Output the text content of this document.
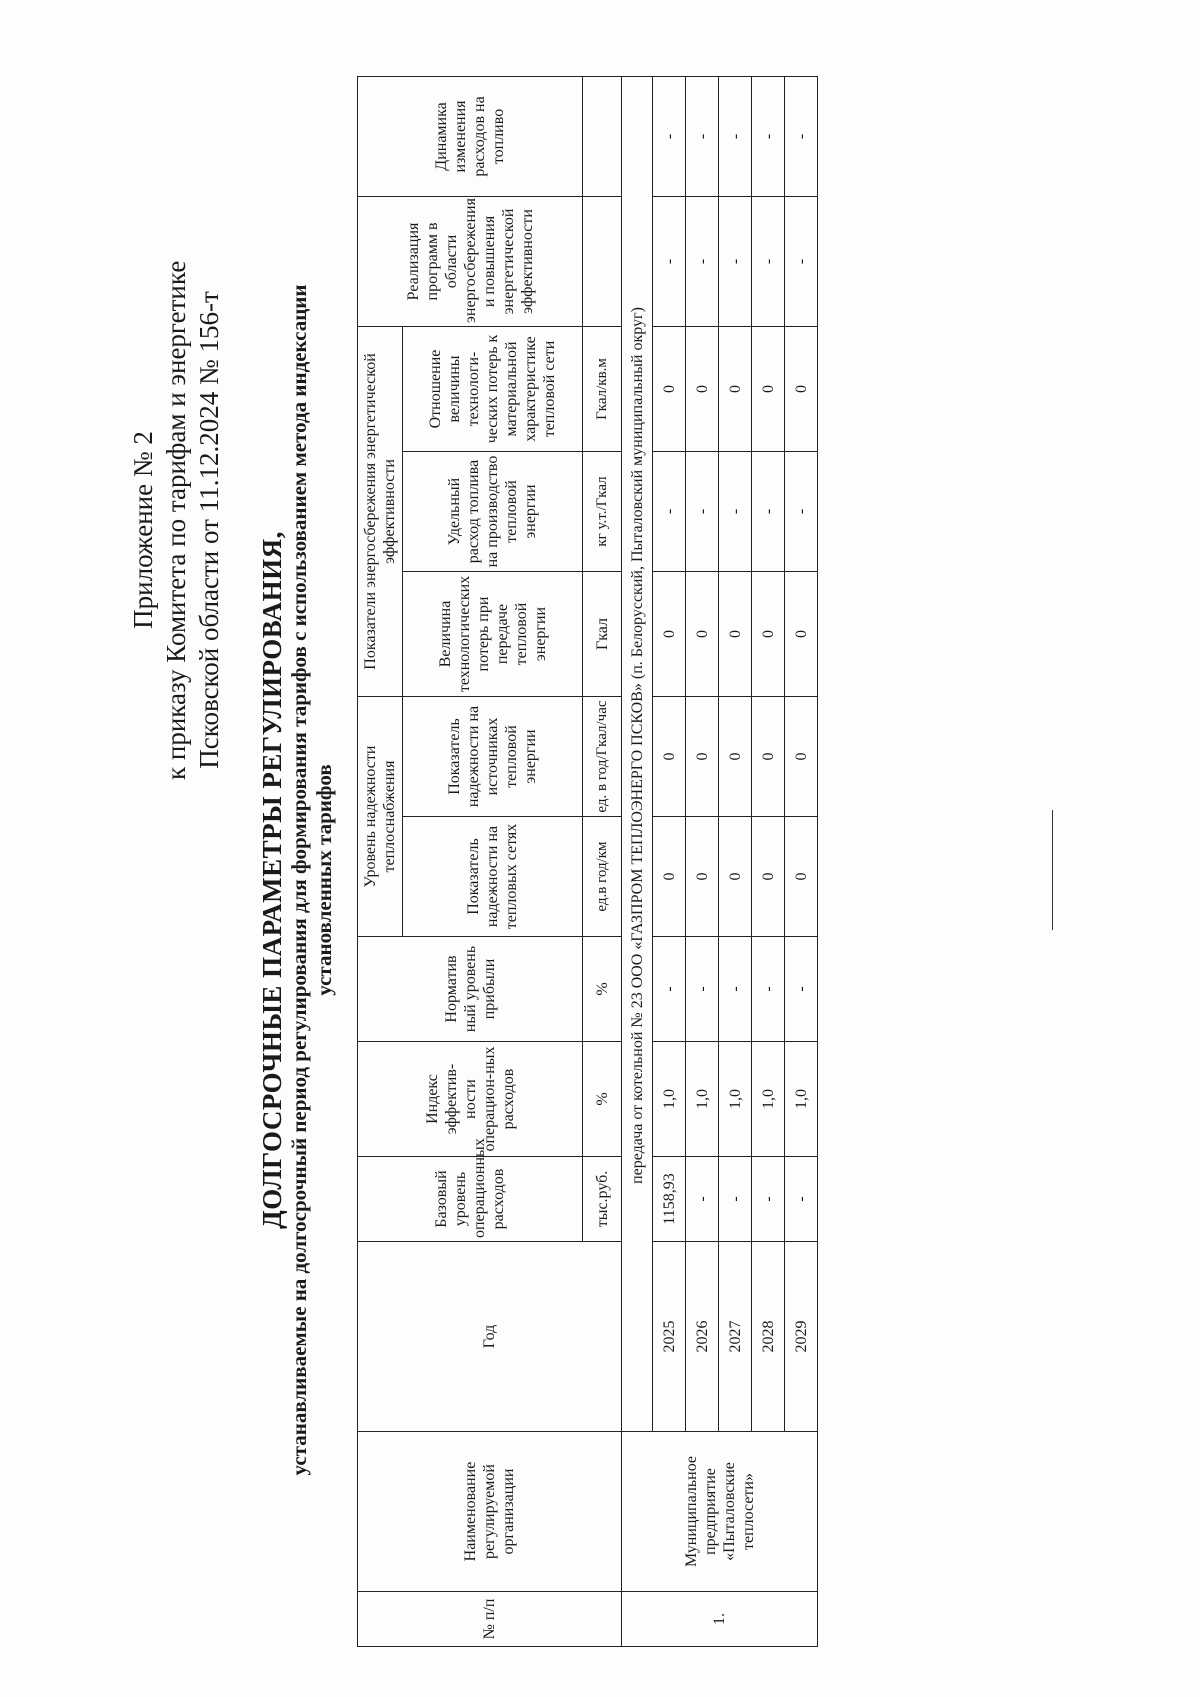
Приложение № 2 к приказу Комитета по тарифам и энергетике Псковской области от 11.12.2024 № 156-т
ДОЛГОСРОЧНЫЕ ПАРАМЕТРЫ РЕГУЛИРОВАНИЯ, устанавливаемые на долгосрочный период регулирования для формирования тарифов с использованием метода индексации установленных тарифов
№ п/п	Наименование регулируемой организации	Год	Базовый уровень операционных расходов	Индекс эффектив-ности операцион-ных расходов	Норматив ный уровень прибыли	Уровень надежности теплоснабжения		Показатели энергосбережения энергетической эффективности			Реализация программ в области энергосбережения и повышения энергетической эффективности	Динамика изменения расходов на топливо
						Показатель надежности на тепловых сетях	Показатель надежности на источниках тепловой энергии	Величина технологических потерь при передаче тепловой энергии	Удельный расход топлива на производство тепловой энергии	Отношение величины технологи-ческих потерь к материальной характеристике тепловой сети		
			тыс.руб.	%	%	ед.в год/км	ед. в год/Гкал/час	Гкал	кг у.т./Гкал	Гкал/кв.м		
1.	Муниципальное предприятие «Пыталовские теплосети»	передача от котельной № 23 ООО «ГАЗПРОМ ТЕПЛОЭНЕРГО ПСКОВ» (п. Белорусский, Пыталовский муниципальный округ)										
		2025	1158,93	1,0	-	0	0	0	-	0	-	-
		2026	-	1,0	-	0	0	0	-	0	-	-
		2027	-	1,0	-	0	0	0	-	0	-	-
		2028	-	1,0	-	0	0	0	-	0	-	-
		2029	-	1,0	-	0	0	0	-	0	-	-
